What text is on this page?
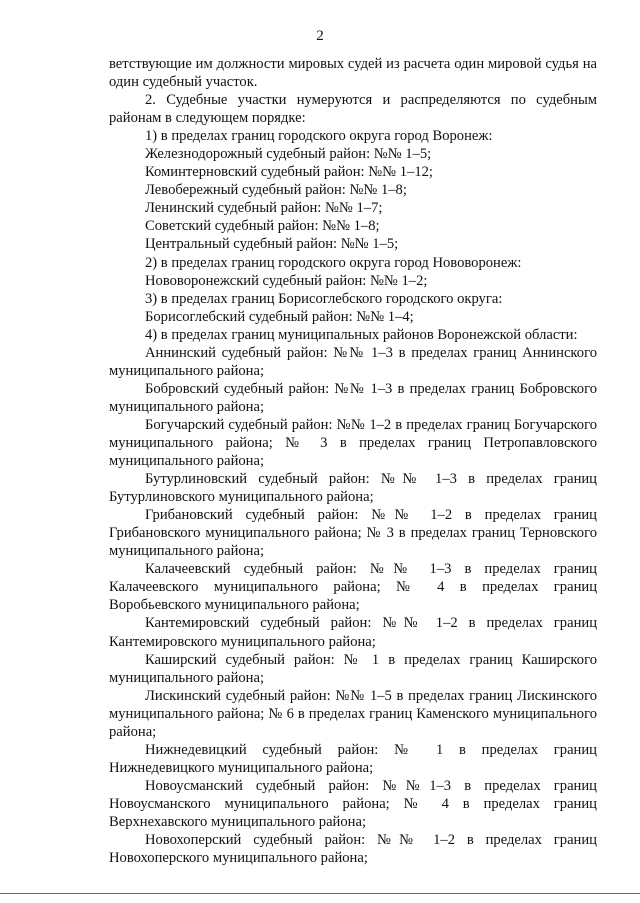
2

ветствующие им должности мировых судей из расчета один мировой судья на один судебный участок.

2. Судебные участки нумеруются и распределяются по судебным районам в следующем порядке:

1) в пределах границ городского округа город Воронеж:
Железнодорожный судебный район: №№ 1–5;
Коминтерновский судебный район: №№ 1–12;
Левобережный судебный район: №№ 1–8;
Ленинский судебный район: №№ 1–7;
Советский судебный район: №№ 1–8;
Центральный судебный район: №№ 1–5;
2) в пределах границ городского округа город Нововоронеж:
Нововоронежский судебный район: №№ 1–2;
3) в пределах границ Борисоглебского городского округа:
Борисоглебский судебный район: №№ 1–4;
4) в пределах границ муниципальных районов Воронежской области:

Аннинский судебный район: №№ 1–3 в пределах границ Аннинского муниципального района;

Бобровский судебный район: №№ 1–3 в пределах границ Бобровского муниципального района;

Богучарский судебный район: №№ 1–2 в пределах границ Богучарского муниципального района; № 3 в пределах границ Петропавловского муниципального района;

Бутурлиновский судебный район: №№ 1–3 в пределах границ Бутурлиновского муниципального района;

Грибановский судебный район: №№ 1–2 в пределах границ Грибановского муниципального района; № 3 в пределах границ Терновского муниципального района;

Калачеевский судебный район: №№ 1–3 в пределах границ Калачеевского муниципального района; № 4 в пределах границ Воробьевского муниципального района;

Кантемировский судебный район: №№ 1–2 в пределах границ Кантемировского муниципального района;

Каширский судебный район: № 1 в пределах границ Каширского муниципального района;

Лискинский судебный район: №№ 1–5 в пределах границ Лискинского муниципального района; № 6 в пределах границ Каменского муниципального района;

Нижнедевицкий судебный район: № 1 в пределах границ Нижнедевицкого муниципального района;

Новоусманский судебный район: №№1–3 в пределах границ Новоусманского муниципального района; № 4 в пределах границ Верхнехавского муниципального района;

Новохоперский судебный район: №№ 1–2 в пределах границ Новохоперского муниципального района;
